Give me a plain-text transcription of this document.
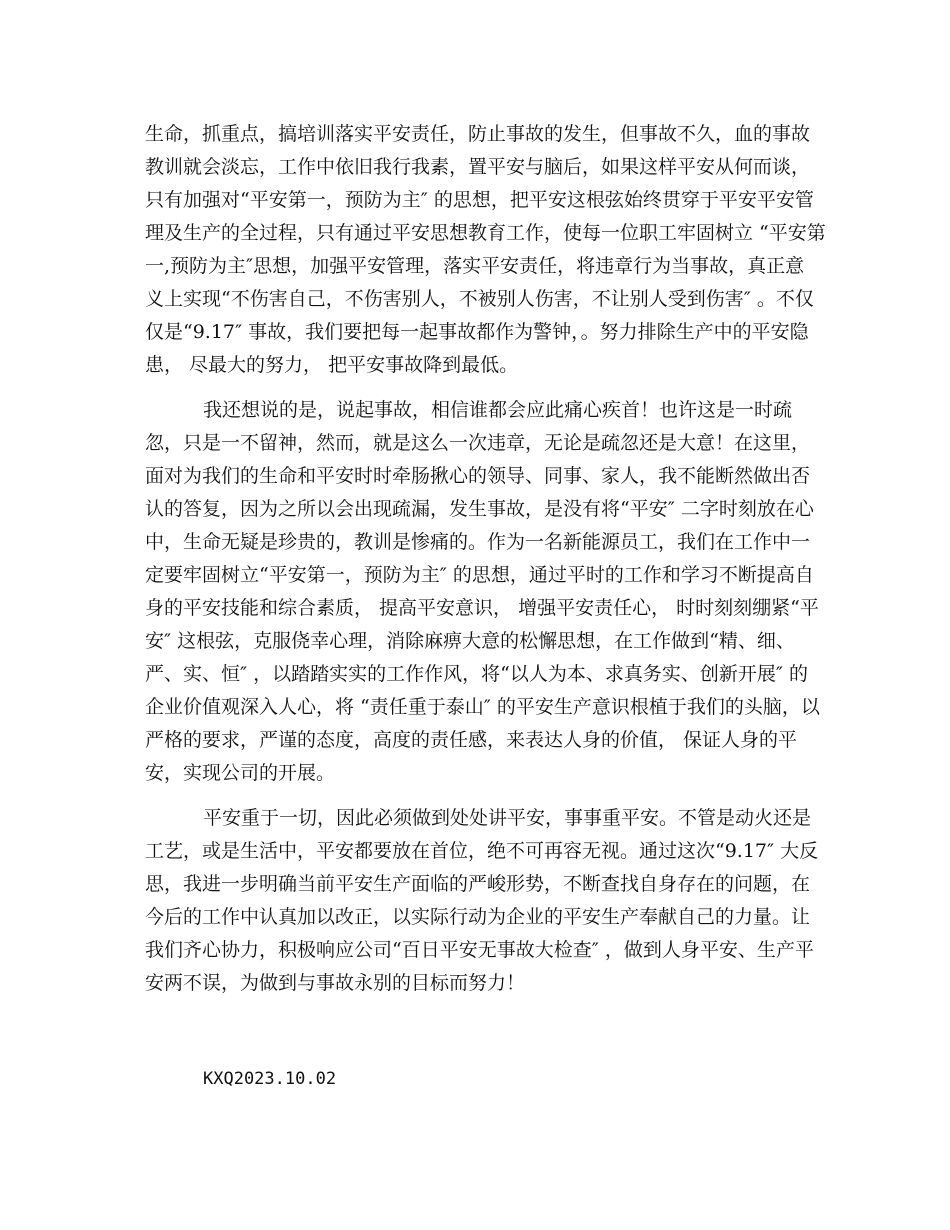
生命，抓重点，搞培训落实平安责任，防止事故的发生，但事故不久，血的事故
教训就会淡忘，工作中依旧我行我素，置平安与脑后，如果这样平安从何而谈，
只有加强对“平安第一，预防为主″ 的思想，把平安这根弦始终贯穿于平安平安管
理及生产的全过程，只有通过平安思想教育工作，使每一位职工牢固树立 “平安第
一,预防为主″思想，加强平安管理，落实平安责任，将违章行为当事故，真正意
义上实现“不伤害自己，不伤害别人，不被别人伤害，不让别人受到伤害″ 。不仅
仅是“9.17″ 事故，我们要把每一起事故都作为警钟，。努力排除生产中的平安隐
患， 尽最大的努力， 把平安事故降到最低。
我还想说的是，说起事故，相信谁都会应此痛心疾首！也许这是一时疏
忽，只是一不留神，然而，就是这么一次违章，无论是疏忽还是大意！在这里，
面对为我们的生命和平安时时牵肠揪心的领导、同事、家人，我不能断然做出否
认的答复，因为之所以会出现疏漏，发生事故，是没有将“平安″ 二字时刻放在心
中，生命无疑是珍贵的，教训是惨痛的。作为一名新能源员工，我们在工作中一
定要牢固树立“平安第一，预防为主″ 的思想，通过平时的工作和学习不断提高自
身的平安技能和综合素质， 提高平安意识， 增强平安责任心， 时时刻刻绷紧“平
安″ 这根弦，克服侥幸心理，消除麻痹大意的松懈思想，在工作做到“精、细、
严、实、恒″ ，以踏踏实实的工作作风，将“以人为本、求真务实、创新开展″ 的
企业价值观深入人心，将 “责任重于泰山″ 的平安生产意识根植于我们的头脑，以
严格的要求，严谨的态度，高度的责任感，来表达人身的价值， 保证人身的平
安，实现公司的开展。
平安重于一切，因此必须做到处处讲平安，事事重平安。不管是动火还是
工艺，或是生活中，平安都要放在首位，绝不可再容无视。通过这次“9.17″ 大反
思，我进一步明确当前平安生产面临的严峻形势，不断查找自身存在的问题，在
今后的工作中认真加以改正，以实际行动为企业的平安生产奉献自己的力量。让
我们齐心协力，积极响应公司“百日平安无事故大检查″ ，做到人身平安、生产平
安两不误，为做到与事故永别的目标而努力！
KXQ2023.10.02
